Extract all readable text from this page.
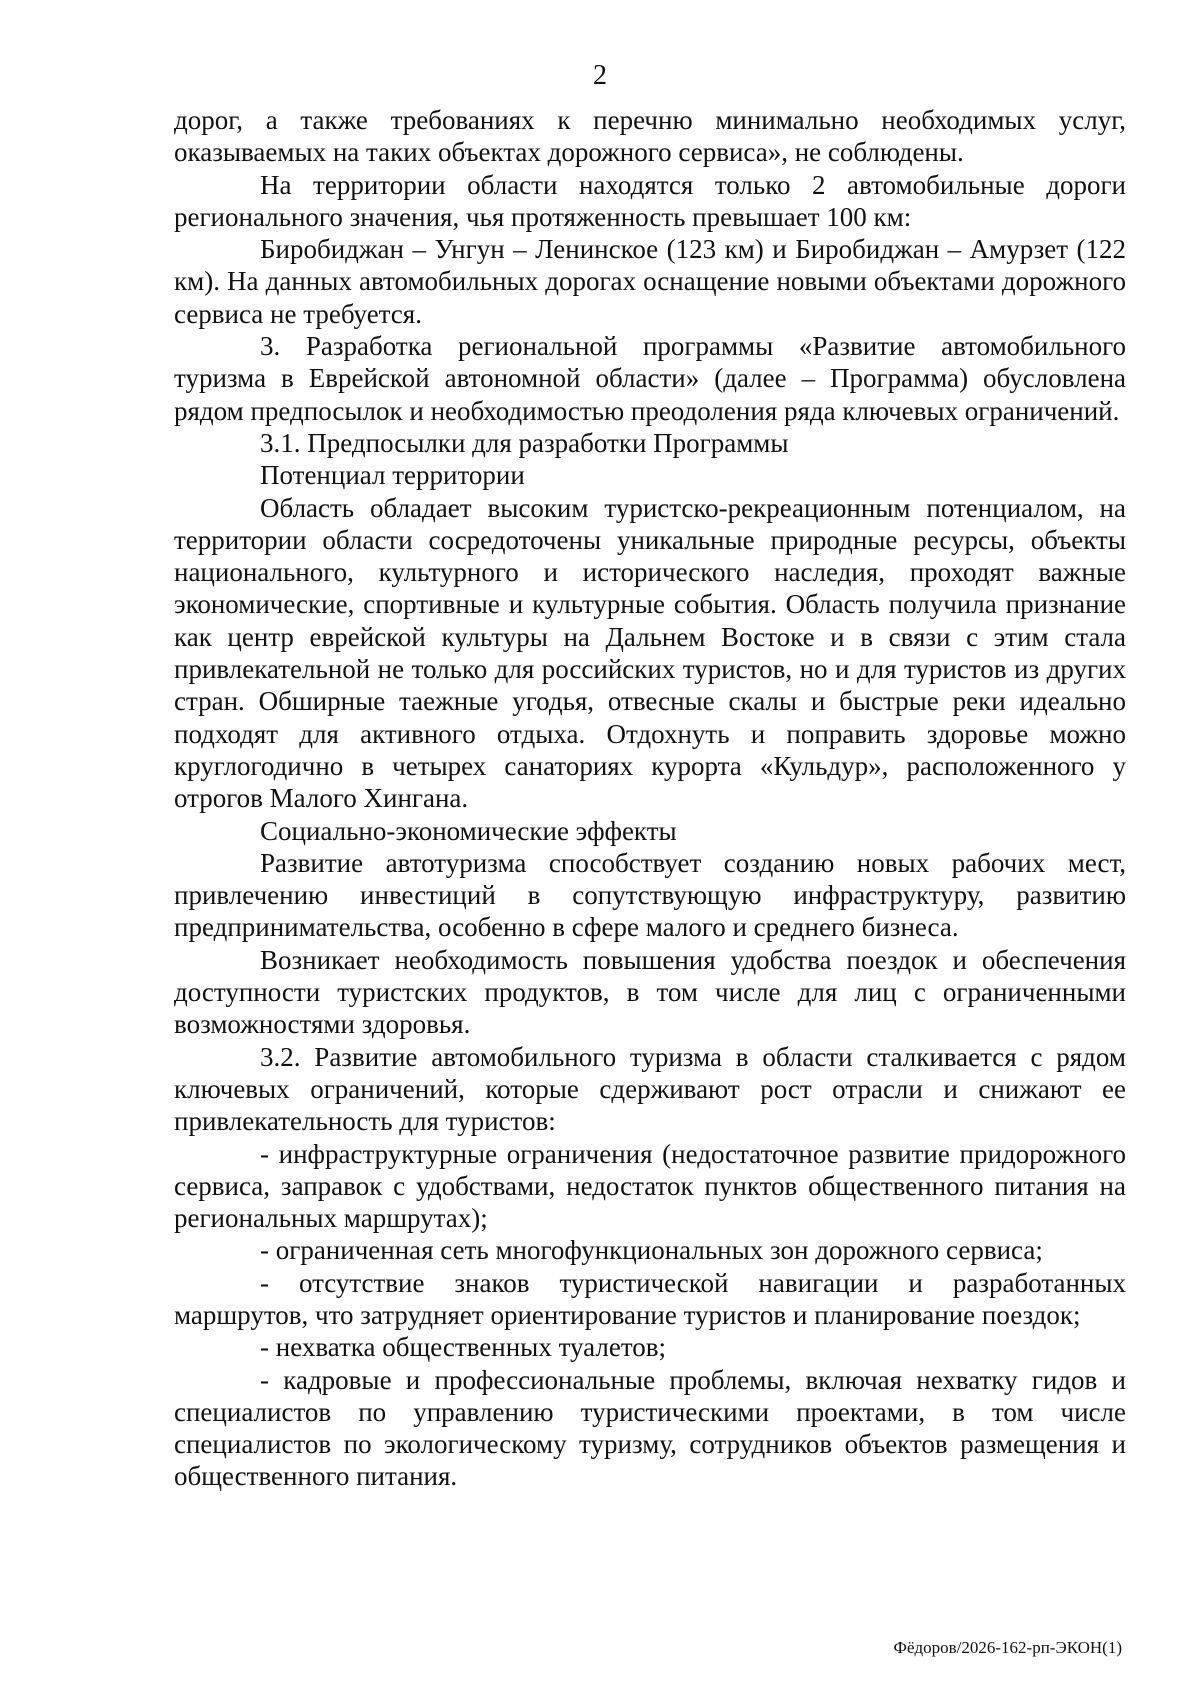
2

дорог, а также требованиях к перечню минимально необходимых услуг, оказываемых на таких объектах дорожного сервиса», не соблюдены.

На территории области находятся только 2 автомобильные дороги регионального значения, чья протяженность превышает 100 км:

Биробиджан – Унгун – Ленинское (123 км) и Биробиджан – Амурзет (122 км). На данных автомобильных дорогах оснащение новыми объектами дорожного сервиса не требуется.

3. Разработка региональной программы «Развитие автомобильного туризма в Еврейской автономной области» (далее – Программа) обусловлена рядом предпосылок и необходимостью преодоления ряда ключевых ограничений.

3.1. Предпосылки для разработки Программы

Потенциал территории

Область обладает высоким туристско-рекреационным потенциалом, на территории области сосредоточены уникальные природные ресурсы, объекты национального, культурного и исторического наследия, проходят важные экономические, спортивные и культурные события. Область получила признание как центр еврейской культуры на Дальнем Востоке и в связи с этим стала привлекательной не только для российских туристов, но и для туристов из других стран. Обширные таежные угодья, отвесные скалы и быстрые реки идеально подходят для активного отдыха. Отдохнуть и поправить здоровье можно круглогодично в четырех санаториях курорта «Кульдур», расположенного у отрогов Малого Хингана.

Социально-экономические эффекты

Развитие автотуризма способствует созданию новых рабочих мест, привлечению инвестиций в сопутствующую инфраструктуру, развитию предпринимательства, особенно в сфере малого и среднего бизнеса.

Возникает необходимость повышения удобства поездок и обеспечения доступности туристских продуктов, в том числе для лиц с ограниченными возможностями здоровья.

3.2. Развитие автомобильного туризма в области сталкивается с рядом ключевых ограничений, которые сдерживают рост отрасли и снижают ее привлекательность для туристов:

- инфраструктурные ограничения (недостаточное развитие придорожного сервиса, заправок с удобствами, недостаток пунктов общественного питания на региональных маршрутах);

- ограниченная сеть многофункциональных зон дорожного сервиса;

- отсутствие знаков туристической навигации и разработанных маршрутов, что затрудняет ориентирование туристов и планирование поездок;

- нехватка общественных туалетов;

- кадровые и профессиональные проблемы, включая нехватку гидов и специалистов по управлению туристическими проектами, в том числе специалистов по экологическому туризму, сотрудников объектов размещения и общественного питания.

Фёдоров/2026-162-рп-ЭКОН(1)
